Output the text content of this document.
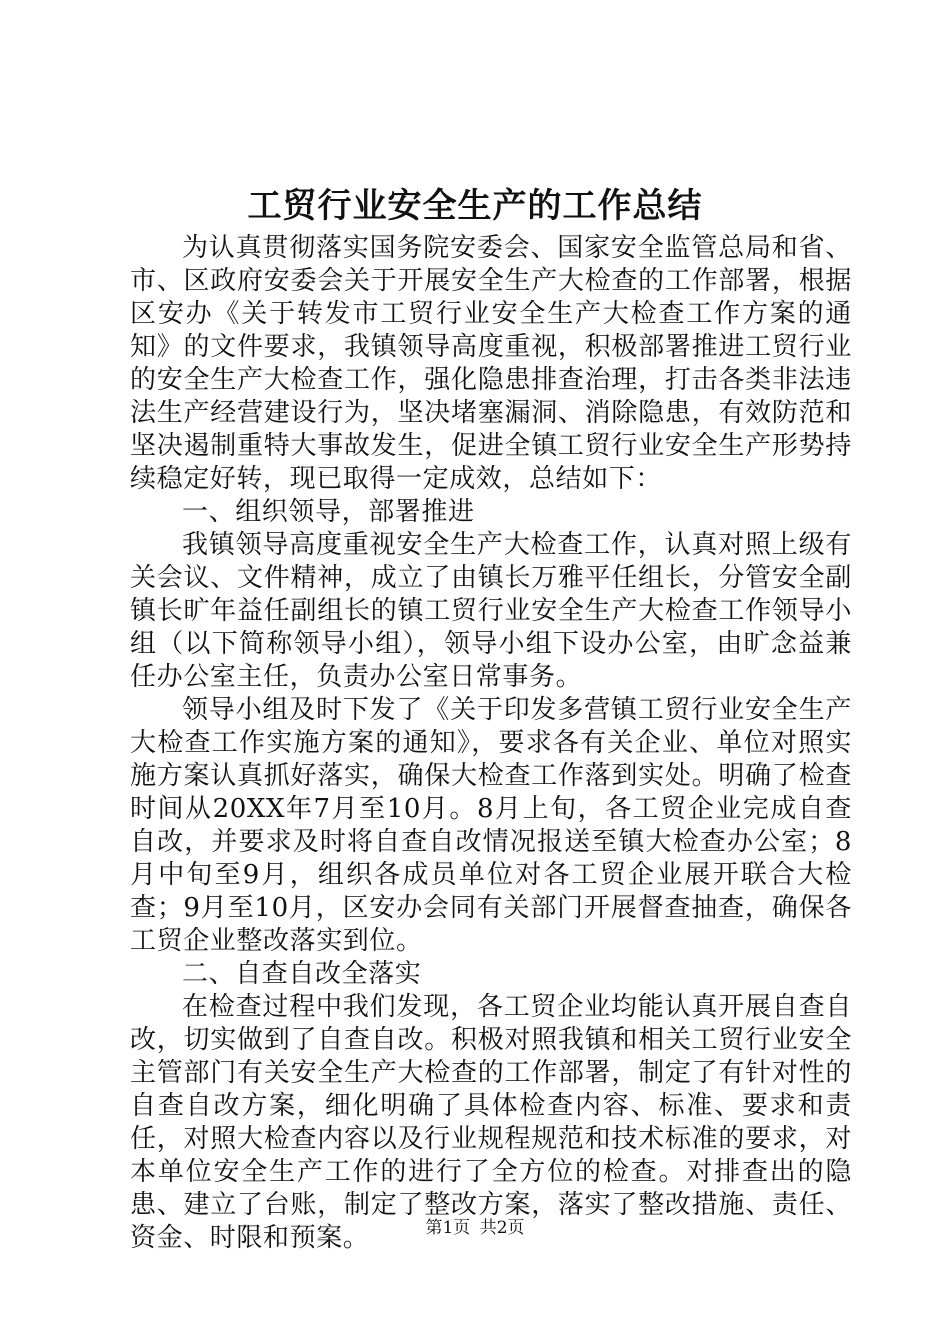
工贸行业安全生产的工作总结

为认真贯彻落实国务院安委会、国家安全监管总局和省、市、区政府安委会关于开展安全生产大检查的工作部署，根据区安办《关于转发市工贸行业安全生产大检查工作方案的通知》的文件要求，我镇领导高度重视，积极部署推进工贸行业的安全生产大检查工作，强化隐患排查治理，打击各类非法违法生产经营建设行为，坚决堵塞漏洞、消除隐患，有效防范和坚决遏制重特大事故发生，促进全镇工贸行业安全生产形势持续稳定好转，现已取得一定成效，总结如下：

一、组织领导，部署推进

我镇领导高度重视安全生产大检查工作，认真对照上级有关会议、文件精神，成立了由镇长万雅平任组长，分管安全副镇长旷年益任副组长的镇工贸行业安全生产大检查工作领导小组（以下简称领导小组），领导小组下设办公室，由旷念益兼任办公室主任，负责办公室日常事务。

领导小组及时下发了《关于印发多营镇工贸行业安全生产大检查工作实施方案的通知》，要求各有关企业、单位对照实施方案认真抓好落实，确保大检查工作落到实处。明确了检查时间从20XX年7月至10月。8月上旬，各工贸企业完成自查自改，并要求及时将自查自改情况报送至镇大检查办公室；8月中旬至9月，组织各成员单位对各工贸企业展开联合大检查；9月至10月，区安办会同有关部门开展督查抽查，确保各工贸企业整改落实到位。

二、自查自改全落实

在检查过程中我们发现，各工贸企业均能认真开展自查自改，切实做到了自查自改。积极对照我镇和相关工贸行业安全主管部门有关安全生产大检查的工作部署，制定了有针对性的自查自改方案，细化明确了具体检查内容、标准、要求和责任，对照大检查内容以及行业规程规范和技术标准的要求，对本单位安全生产工作的进行了全方位的检查。对排查出的隐患、建立了台账，制定了整改方案，落实了整改措施、责任、资金、时限和预案。	第1页 共2页
